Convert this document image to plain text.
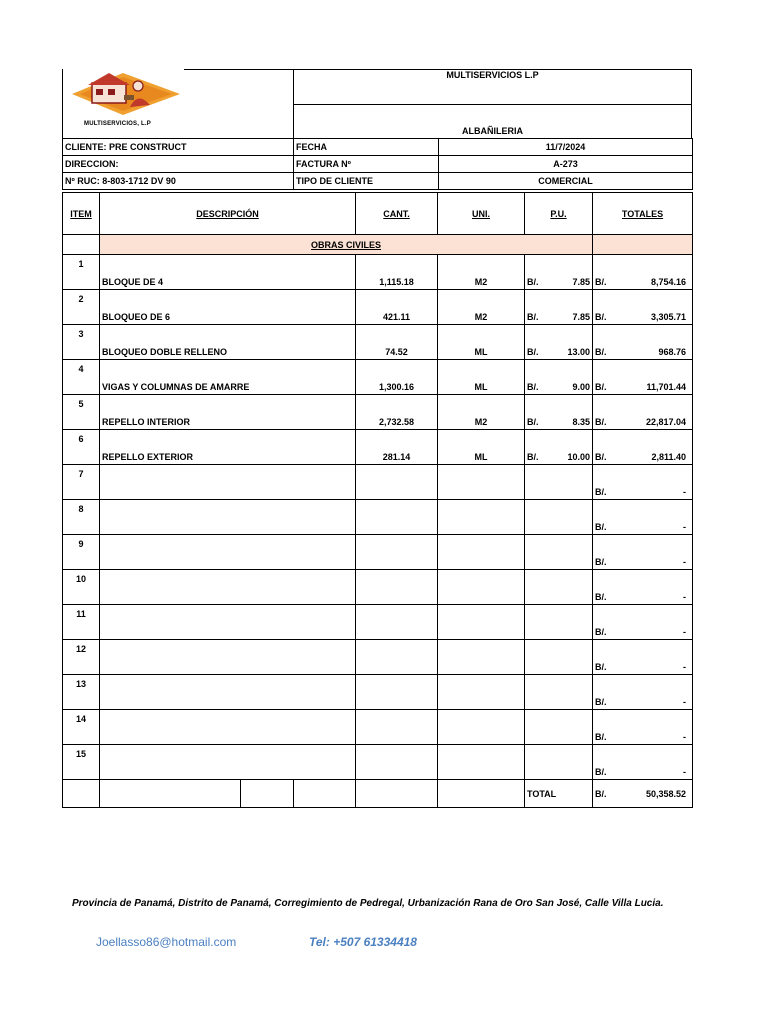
MULTISERVICIOS, L.P
MULTISERVICIOS L.P
ALBAÑILERIA
CLIENTE: PRE CONSTRUCT	FECHA	11/7/2024
DIRECCION:	FACTURA Nº	A-273
Nº RUC: 8-803-1712 DV 90	TIPO DE CLIENTE	COMERCIAL
ITEM	DESCRIPCIÓN			CANT.	UNI.	P.U.	TOTALES
	OBRAS CIVILES						
1	BLOQUE DE 4			1,115.18	M2	B/. 7.85	B/. 8,754.16

2	BLOQUEO DE 6			421.11	M2	B/. 7.85	B/. 3,305.71

3	BLOQUEO DOBLE RELLENO			74.52	ML	B/. 13.00	B/. 968.76

4	VIGAS Y COLUMNAS DE AMARRE			1,300.16	ML	B/. 9.00	B/. 11,701.44

5	REPELLO INTERIOR			2,732.58	M2	B/. 8.35	B/. 22,817.04

6	REPELLO EXTERIOR			281.14	ML	B/. 10.00	B/. 2,811.40

7							B/. -

8							B/. -

9							B/. -

10							B/. -

11							B/. -

12							B/. -

13							B/. -

14							B/. -

15							B/. -

						TOTAL	B/. 50,358.52
Provincia de Panamá, Distrito de Panamá, Corregimiento de Pedregal, Urbanización Rana de Oro San José, Calle Villa Lucia.
Joellasso86@hotmail.com	Tel: +507 61334418
